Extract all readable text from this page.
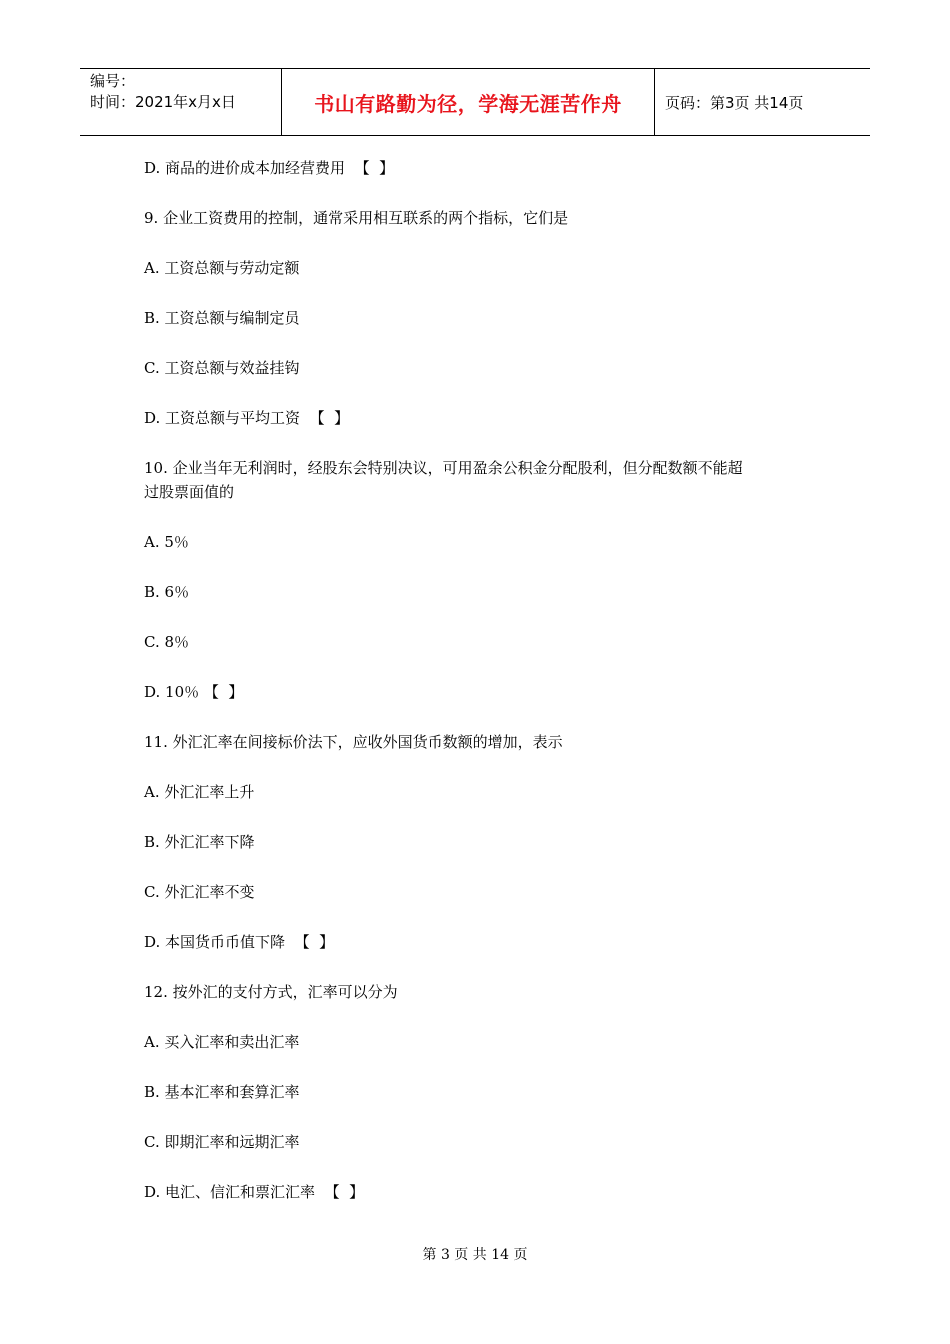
编号：
时间：2021年x月x日	书山有路勤为径，学海无涯苦作舟	页码：第3页 共14页

D. 商品的进价成本加经营费用  【  】

9. 企业工资费用的控制，通常采用相互联系的两个指标，它们是

A. 工资总额与劳动定额

B. 工资总额与编制定员

C. 工资总额与效益挂钩

D. 工资总额与平均工资  【  】

10. 企业当年无利润时，经股东会特别决议，可用盈余公积金分配股利，但分配数额不能超

过股票面值的

A. 5％

B. 6％

C. 8％

D. 10％ 【  】

11. 外汇汇率在间接标价法下，应收外国货币数额的增加，表示

A. 外汇汇率上升

B. 外汇汇率下降

C. 外汇汇率不变

D. 本国货币币值下降  【  】

12. 按外汇的支付方式，汇率可以分为

A. 买入汇率和卖出汇率

B. 基本汇率和套算汇率

C. 即期汇率和远期汇率

D. 电汇、信汇和票汇汇率  【  】

第 3 页 共 14 页
